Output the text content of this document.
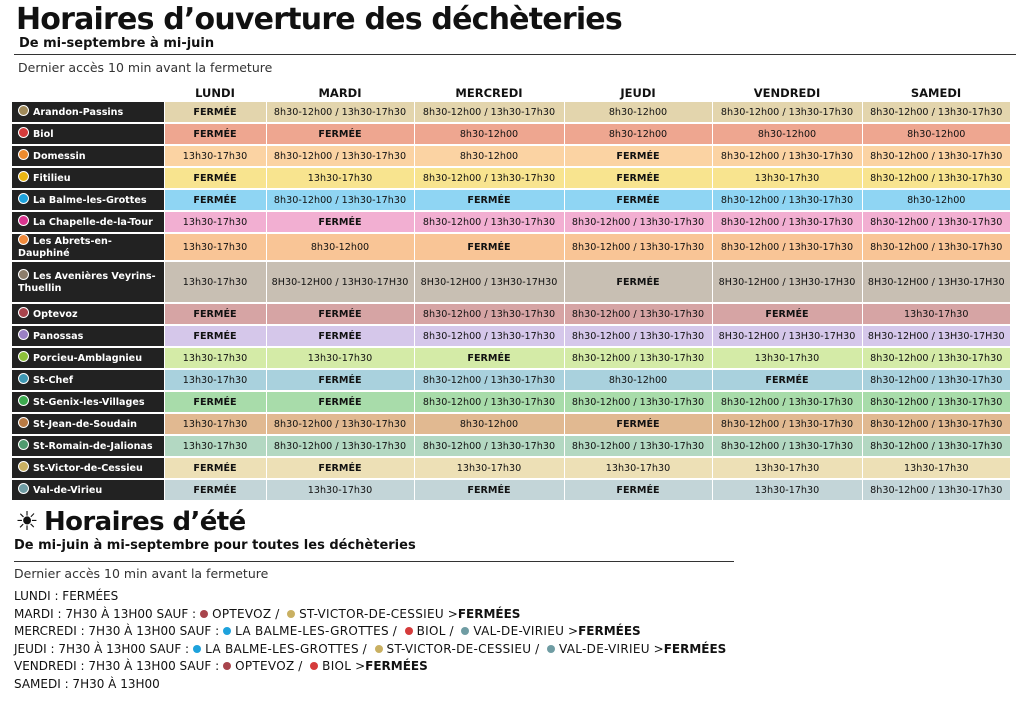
Horaires d’ouverture des déchèteries
De mi-septembre à mi-juin
Dernier accès 10 min avant la fermeture
	LUNDI	MARDI	MERCREDI	JEUDI	VENDREDI	SAMEDI
Arandon-Passins	FERMÉE	8h30-12h00 / 13h30-17h30	8h30-12h00 / 13h30-17h30	8h30-12h00	8h30-12h00 / 13h30-17h30	8h30-12h00 / 13h30-17h30
Biol	FERMÉE	FERMÉE	8h30-12h00	8h30-12h00	8h30-12h00	8h30-12h00
Domessin	13h30-17h30	8h30-12h00 / 13h30-17h30	8h30-12h00	FERMÉE	8h30-12h00 / 13h30-17h30	8h30-12h00 / 13h30-17h30
Fitilieu	FERMÉE	13h30-17h30	8h30-12h00 / 13h30-17h30	FERMÉE	13h30-17h30	8h30-12h00 / 13h30-17h30
La Balme-les-Grottes	FERMÉE	8h30-12h00 / 13h30-17h30	FERMÉE	FERMÉE	8h30-12h00 / 13h30-17h30	8h30-12h00
La Chapelle-de-la-Tour	13h30-17h30	FERMÉE	8h30-12h00 / 13h30-17h30	8h30-12h00 / 13h30-17h30	8h30-12h00 / 13h30-17h30	8h30-12h00 / 13h30-17h30
Les Abrets-en-Dauphiné	13h30-17h30	8h30-12h00	FERMÉE	8h30-12h00 / 13h30-17h30	8h30-12h00 / 13h30-17h30	8h30-12h00 / 13h30-17h30
Les Avenières Veyrins-Thuellin	13h30-17h30	8H30-12H00 / 13H30-17H30	8H30-12H00 / 13H30-17H30	FERMÉE	8H30-12H00 / 13H30-17H30	8H30-12H00 / 13H30-17H30
Optevoz	FERMÉE	FERMÉE	8h30-12h00 / 13h30-17h30	8h30-12h00 / 13h30-17h30	FERMÉE	13h30-17h30
Panossas	FERMÉE	FERMÉE	8h30-12h00 / 13h30-17h30	8h30-12h00 / 13h30-17h30	8H30-12H00 / 13H30-17H30	8H30-12H00 / 13H30-17H30
Porcieu-Amblagnieu	13h30-17h30	13h30-17h30	FERMÉE	8h30-12h00 / 13h30-17h30	13h30-17h30	8h30-12h00 / 13h30-17h30
St-Chef	13h30-17h30	FERMÉE	8h30-12h00 / 13h30-17h30	8h30-12h00	FERMÉE	8h30-12h00 / 13h30-17h30
St-Genix-les-Villages	FERMÉE	FERMÉE	8h30-12h00 / 13h30-17h30	8h30-12h00 / 13h30-17h30	8h30-12h00 / 13h30-17h30	8h30-12h00 / 13h30-17h30
St-Jean-de-Soudain	13h30-17h30	8h30-12h00 / 13h30-17h30	8h30-12h00	FERMÉE	8h30-12h00 / 13h30-17h30	8h30-12h00 / 13h30-17h30
St-Romain-de-Jalionas	13h30-17h30	8h30-12h00 / 13h30-17h30	8h30-12h00 / 13h30-17h30	8h30-12h00 / 13h30-17h30	8h30-12h00 / 13h30-17h30	8h30-12h00 / 13h30-17h30
St-Victor-de-Cessieu	FERMÉE	FERMÉE	13h30-17h30	13h30-17h30	13h30-17h30	13h30-17h30
Val-de-Virieu	FERMÉE	13h30-17h30	FERMÉE	FERMÉE	13h30-17h30	8h30-12h00 / 13h30-17h30
☀ Horaires d’été
De mi-juin à mi-septembre pour toutes les déchèteries
Dernier accès 10 min avant la fermeture
LUNDI : FERMÉES
MARDI : 7H30 À 13H00 SAUF : OPTEVOZ / ST-VICTOR-DE-CESSIEU >FERMÉES
MERCREDI : 7H30 À 13H00 SAUF : LA BALME-LES-GROTTES / BIOL / VAL-DE-VIRIEU >FERMÉES
JEUDI : 7H30 À 13H00 SAUF : LA BALME-LES-GROTTES / ST-VICTOR-DE-CESSIEU / VAL-DE-VIRIEU >FERMÉES
VENDREDI : 7H30 À 13H00 SAUF : OPTEVOZ / BIOL >FERMÉES
SAMEDI : 7H30 À 13H00
